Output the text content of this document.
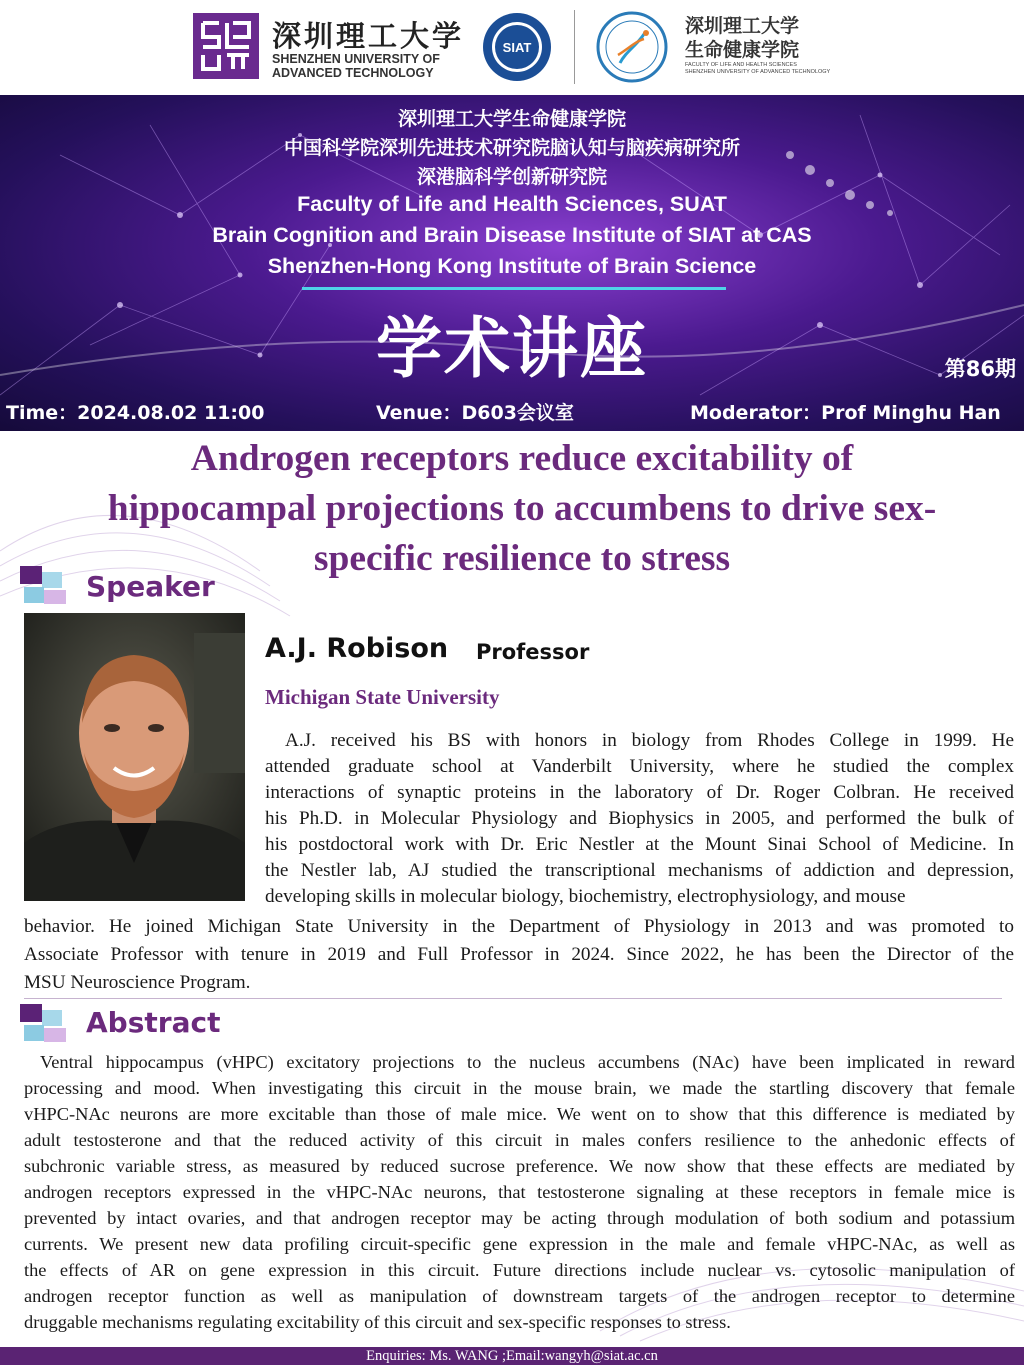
深圳理工大学
SHENZHEN UNIVERSITY OF
ADVANCED TECHNOLOGY
SIAT
深圳理工大学
生命健康学院
FACULTY OF LIFE AND HEALTH SCIENCES
SHENZHEN UNIVERSITY OF ADVANCED TECHNOLOGY
深圳理工大学生命健康学院
中国科学院深圳先进技术研究院脑认知与脑疾病研究所
深港脑科学创新研究院
Faculty of Life and Health Sciences, SUAT
Brain Cognition and Brain Disease Institute of SIAT at CAS
Shenzhen-Hong Kong Institute of Brain Science
学术讲座	第86期
Time：2024.08.02 11:00	Venue：D603会议室	Moderator：Prof Minghu Han
Androgen receptors reduce excitability of
hippocampal projections to accumbens to drive sex-
specific resilience to stress
Speaker
A.J. Robison Professor
Michigan State University
A.J. received his BS with honors in biology from Rhodes College in 1999. He
attended graduate school at Vanderbilt University, where he studied the complex
interactions of synaptic proteins in the laboratory of Dr. Roger Colbran. He received
his Ph.D. in Molecular Physiology and Biophysics in 2005, and performed the bulk of
his postdoctoral work with Dr. Eric Nestler at the Mount Sinai School of Medicine. In
the Nestler lab, AJ studied the transcriptional mechanisms of addiction and depression,
developing skills in molecular biology, biochemistry, electrophysiology, and mouse
behavior. He joined Michigan State University in the Department of Physiology in 2013 and was promoted to
Associate Professor with tenure in 2019 and Full Professor in 2024. Since 2022, he has been the Director of the
MSU Neuroscience Program.
Abstract
Ventral hippocampus (vHPC) excitatory projections to the nucleus accumbens (NAc) have been implicated in reward
processing and mood. When investigating this circuit in the mouse brain, we made the startling discovery that female
vHPC-NAc neurons are more excitable than those of male mice. We went on to show that this difference is mediated by
adult testosterone and that the reduced activity of this circuit in males confers resilience to the anhedonic effects of
subchronic variable stress, as measured by reduced sucrose preference. We now show that these effects are mediated by
androgen receptors expressed in the vHPC-NAc neurons, that testosterone signaling at these receptors in female mice is
prevented by intact ovaries, and that androgen receptor may be acting through modulation of both sodium and potassium
currents. We present new data profiling circuit-specific gene expression in the male and female vHPC-NAc, as well as
the effects of AR on gene expression in this circuit. Future directions include nuclear vs. cytosolic manipulation of
androgen receptor function as well as manipulation of downstream targets of the androgen receptor to determine
druggable mechanisms regulating excitability of this circuit and sex-specific responses to stress.
Enquiries: Ms. WANG ;Email:wangyh@siat.ac.cn
